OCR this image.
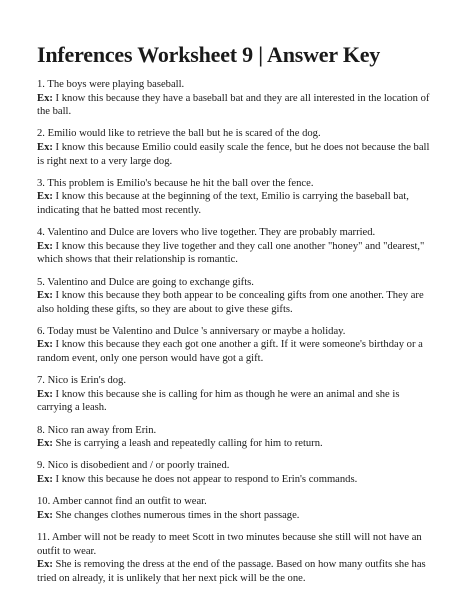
Inferences Worksheet 9 | Answer Key

1. The boys were playing baseball.

Ex: I know this because they have a baseball bat and they are all interested in the location of the ball.

2. Emilio would like to retrieve the ball but he is scared of the dog.

Ex: I know this because Emilio could easily scale the fence, but he does not because the ball is right next to a very large dog.

3. This problem is Emilio's because he hit the ball over the fence.

Ex: I know this because at the beginning of the text, Emilio is carrying the baseball bat, indicating that he batted most recently.

4. Valentino and Dulce are lovers who live together. They are probably married.

Ex: I know this because they live together and they call one another "honey" and "dearest," which shows that their relationship is romantic.

5. Valentino and Dulce are going to exchange gifts.

Ex: I know this because they both appear to be concealing gifts from one another. They are also holding these gifts, so they are about to give these gifts.

6. Today must be Valentino and Dulce 's anniversary or maybe a holiday.

Ex: I know this because they each got one another a gift. If it were someone's birthday or a random event, only one person would have got a gift.

7. Nico is Erin's dog.

Ex: I know this because she is calling for him as though he were an animal and she is carrying a leash.

8. Nico ran away from Erin.

Ex: She is carrying a leash and repeatedly calling for him to return.

9. Nico is disobedient and / or poorly trained.

Ex: I know this because he does not appear to respond to Erin's commands.

10. Amber cannot find an outfit to wear.

Ex: She changes clothes numerous times in the short passage.

11. Amber will not be ready to meet Scott in two minutes because she still will not have an outfit to wear.

Ex: She is removing the dress at the end of the passage. Based on how many outfits she has tried on already, it is unlikely that her next pick will be the one.
